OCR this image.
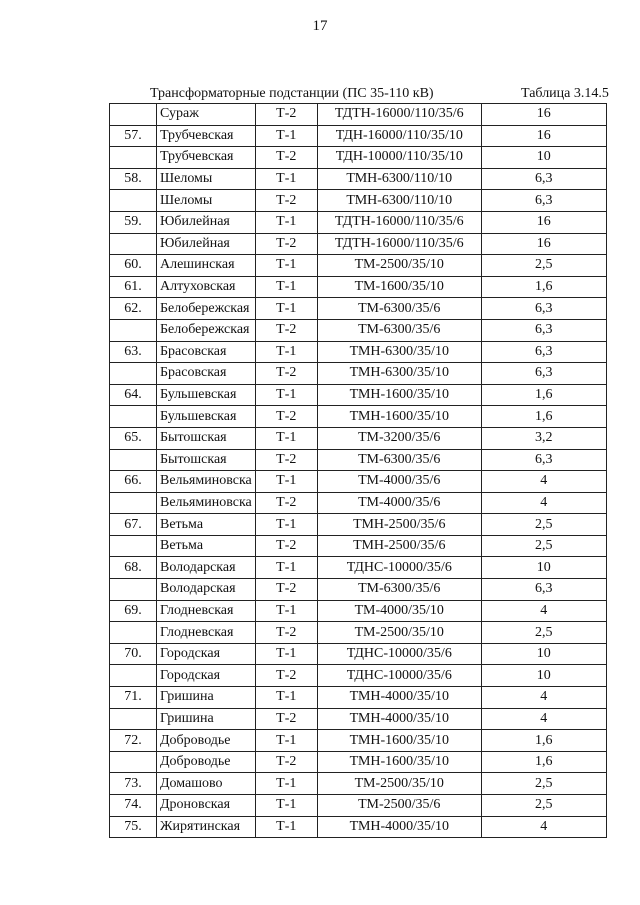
17
Трансформаторные подстанции (ПС 35-110 кВ)	Таблица 3.14.5
	Сураж	Т-2	ТДТН-16000/110/35/6	16
57.	Трубчевская	Т-1	ТДН-16000/110/35/10	16
	Трубчевская	Т-2	ТДН-10000/110/35/10	10
58.	Шеломы	Т-1	ТМН-6300/110/10	6,3
	Шеломы	Т-2	ТМН-6300/110/10	6,3
59.	Юбилейная	Т-1	ТДТН-16000/110/35/6	16
	Юбилейная	Т-2	ТДТН-16000/110/35/6	16
60.	Алешинская	Т-1	ТМ-2500/35/10	2,5
61.	Алтуховская	Т-1	ТМ-1600/35/10	1,6
62.	Белобережская	Т-1	ТМ-6300/35/6	6,3
	Белобережская	Т-2	ТМ-6300/35/6	6,3
63.	Брасовская	Т-1	ТМН-6300/35/10	6,3
	Брасовская	Т-2	ТМН-6300/35/10	6,3
64.	Бульшевская	Т-1	ТМН-1600/35/10	1,6
	Бульшевская	Т-2	ТМН-1600/35/10	1,6
65.	Бытошская	Т-1	ТМ-3200/35/6	3,2
	Бытошская	Т-2	ТМ-6300/35/6	6,3
66.	Вельяминовска	Т-1	ТМ-4000/35/6	4
	Вельяминовска	Т-2	ТМ-4000/35/6	4
67.	Ветьма	Т-1	ТМН-2500/35/6	2,5
	Ветьма	Т-2	ТМН-2500/35/6	2,5
68.	Володарская	Т-1	ТДНС-10000/35/6	10
	Володарская	Т-2	ТМ-6300/35/6	6,3
69.	Глодневская	Т-1	ТМ-4000/35/10	4
	Глодневская	Т-2	ТМ-2500/35/10	2,5
70.	Городская	Т-1	ТДНС-10000/35/6	10
	Городская	Т-2	ТДНС-10000/35/6	10
71.	Гришина	Т-1	ТМН-4000/35/10	4
	Гришина	Т-2	ТМН-4000/35/10	4
72.	Доброводье	Т-1	ТМН-1600/35/10	1,6
	Доброводье	Т-2	ТМН-1600/35/10	1,6
73.	Домашово	Т-1	ТМ-2500/35/10	2,5
74.	Дроновская	Т-1	ТМ-2500/35/6	2,5
75.	Жирятинская	Т-1	ТМН-4000/35/10	4
